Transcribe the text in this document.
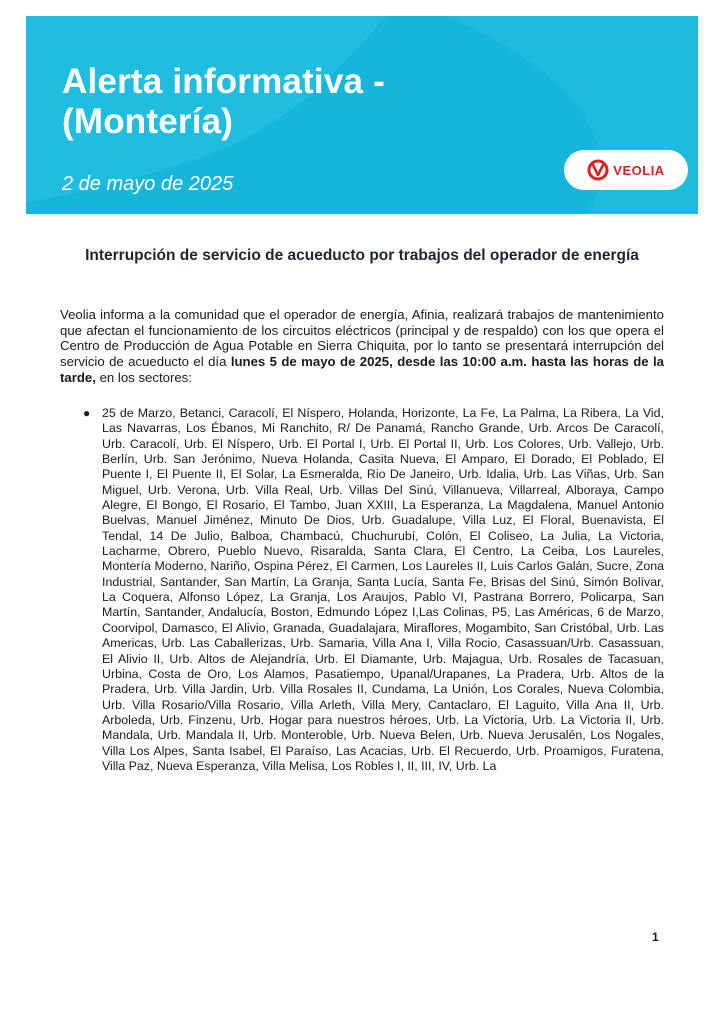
Alerta informativa -
(Montería)
2 de mayo de 2025
VEOLIA
Interrupción de servicio de acueducto por trabajos del operador de energía

Veolia informa a la comunidad que el operador de energía, Afinia, realizará trabajos de mantenimiento que afectan el funcionamiento de los circuitos eléctricos (principal y de respaldo) con los que opera el Centro de Producción de Agua Potable en Sierra Chiquita, por lo tanto se presentará interrupción del servicio de acueducto el día lunes 5 de mayo de 2025, desde las 10:00 a.m. hasta las horas de la tarde, en los sectores:

● 25 de Marzo, Betanci, Caracolí, El Níspero, Holanda, Horizonte, La Fe, La Palma, La Ribera, La Vid, Las Navarras, Los Ébanos, Mi Ranchito, R/ De Panamá, Rancho Grande, Urb. Arcos De Caracolí, Urb. Caracolí, Urb. El Níspero, Urb. El Portal I, Urb. El Portal II, Urb. Los Colores, Urb. Vallejo, Urb. Berlín, Urb. San Jerónimo, Nueva Holanda, Casita Nueva, El Amparo, El Dorado, El Poblado, El Puente I, El Puente II, El Solar, La Esmeralda, Rio De Janeiro, Urb. Idalia, Urb. Las Viñas, Urb. San Miguel, Urb. Verona, Urb. Villa Real, Urb. Villas Del Sinú, Villanueva, Villarreal, Alboraya, Campo Alegre, El Bongo, El Rosario, El Tambo, Juan XXIII, La Esperanza, La Magdalena, Manuel Antonio Buelvas, Manuel Jiménez, Minuto De Dios, Urb. Guadalupe, Villa Luz, El Floral, Buenavista, El Tendal, 14 De Julio, Balboa, Chambacú, Chuchurubí, Colón, El Coliseo, La Julia, La Victoria, Lacharme, Obrero, Pueblo Nuevo, Risaralda, Santa Clara, El Centro, La Ceiba, Los Laureles, Montería Moderno, Nariño, Ospina Pérez, El Carmen, Los Laureles II, Luis Carlos Galán, Sucre, Zona Industrial, Santander, San Martín, La Granja, Santa Lucía, Santa Fe, Brisas del Sinú, Simón Bolívar, La Coquera, Alfonso López, La Granja, Los Araujos, Pablo VI, Pastrana Borrero, Policarpa, San Martín, Santander, Andalucía, Boston, Edmundo López I,Las Colinas, P5, Las Américas, 6 de Marzo, Coorvipol, Damasco, El Alivio, Granada, Guadalajara, Miraflores, Mogambito, San Cristóbal, Urb. Las Americas, Urb. Las Caballerizas, Urb. Samaria, Villa Ana I, Villa Rocio, Casassuan/Urb. Casassuan, El Alivio II, Urb. Altos de Alejandría, Urb. El Diamante, Urb. Majagua, Urb. Rosales de Tacasuan, Urbina, Costa de Oro, Los Alamos, Pasatiempo, Upanal/Urapanes, La Pradera, Urb. Altos de la Pradera, Urb. Villa Jardin, Urb. Villa Rosales II, Cundama, La Unión, Los Corales, Nueva Colombia, Urb. Villa Rosario/Villa Rosario, Villa Arleth, Villa Mery, Cantaclaro, El Laguito, Villa Ana II, Urb. Arboleda, Urb. Finzenu, Urb. Hogar para nuestros héroes, Urb. La Victoria, Urb. La Victoria II, Urb. Mandala, Urb. Mandala II, Urb. Monteroble, Urb. Nueva Belen, Urb. Nueva Jerusalén, Los Nogales, Villa Los Alpes, Santa Isabel, El Paraíso, Las Acacias, Urb. El Recuerdo, Urb. Proamigos, Furatena, Villa Paz, Nueva Esperanza, Villa Melisa, Los Robles I, II, III, IV, Urb. La
1
